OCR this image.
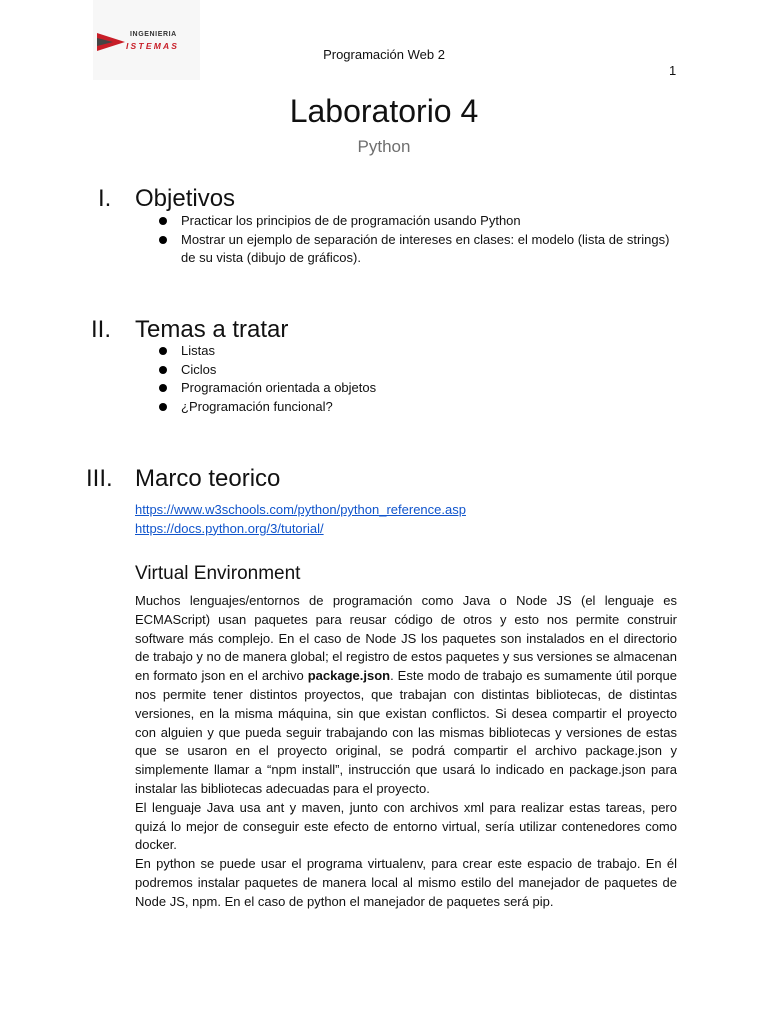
INGENIERIA
ISTEMAS
Programación Web 2
1
Laboratorio 4
Python
I. Objetivos
Practicar los principios de de programación usando Python
Mostrar un ejemplo de separación de intereses en clases: el modelo (lista de strings) de su vista (dibujo de gráficos).
II. Temas a tratar
Listas
Ciclos
Programación orientada a objetos
¿Programación funcional?
III. Marco teorico
https://www.w3schools.com/python/python_reference.asp
https://docs.python.org/3/tutorial/
Virtual Environment

Muchos lenguajes/entornos de programación como Java o Node JS (el lenguaje es ECMAScript) usan paquetes para reusar código de otros y esto nos permite construir software más complejo. En el caso de Node JS los paquetes son instalados en el directorio de trabajo y no de manera global; el registro de estos paquetes y sus versiones se almacenan en formato json en el archivo package.json. Este modo de trabajo es sumamente útil porque nos permite tener distintos proyectos, que trabajan con distintas bibliotecas, de distintas versiones, en la misma máquina, sin que existan conflictos. Si desea compartir el proyecto con alguien y que pueda seguir trabajando con las mismas bibliotecas y versiones de estas que se usaron en el proyecto original, se podrá compartir el archivo package.json y simplemente llamar a “npm install”, instrucción que usará lo indicado en package.json para instalar las bibliotecas adecuadas para el proyecto.

El lenguaje Java usa ant y maven, junto con archivos xml para realizar estas tareas, pero quizá lo mejor de conseguir este efecto de entorno virtual, sería utilizar contenedores como docker.

En python se puede usar el programa virtualenv, para crear este espacio de trabajo. En él podremos instalar paquetes de manera local al mismo estilo del manejador de paquetes de Node JS, npm. En el caso de python el manejador de paquetes será pip.
